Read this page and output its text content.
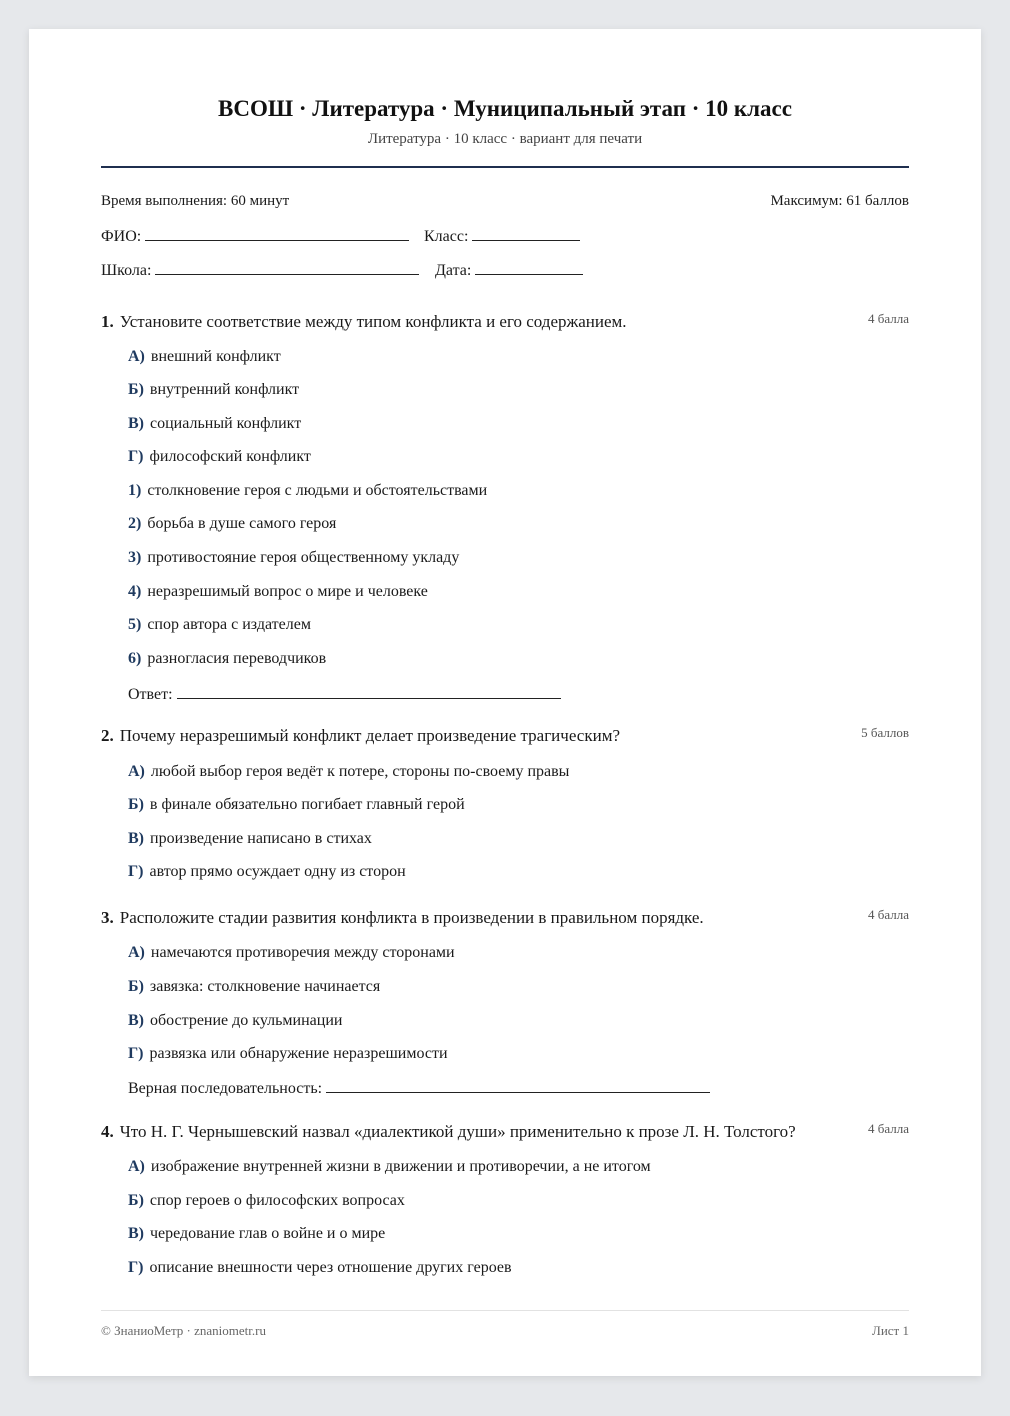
ВСОШ · Литература · Муниципальный этап · 10 класс
Литература · 10 класс · вариант для печати
Время выполнения: 60 минут	Максимум: 61 баллов
ФИО:	Класс:
Школа:	Дата:
1. Установите соответствие между типом конфликта и его содержанием.	4 балла
А) внешний конфликт
Б) внутренний конфликт
В) социальный конфликт
Г) философский конфликт
1) столкновение героя с людьми и обстоятельствами
2) борьба в душе самого героя
3) противостояние героя общественному укладу
4) неразрешимый вопрос о мире и человеке
5) спор автора с издателем
6) разногласия переводчиков
Ответ:
2. Почему неразрешимый конфликт делает произведение трагическим?	5 баллов
А) любой выбор героя ведёт к потере, стороны по-своему правы
Б) в финале обязательно погибает главный герой
В) произведение написано в стихах
Г) автор прямо осуждает одну из сторон
3. Расположите стадии развития конфликта в произведении в правильном порядке.	4 балла
А) намечаются противоречия между сторонами
Б) завязка: столкновение начинается
В) обострение до кульминации
Г) развязка или обнаружение неразрешимости
Верная последовательность:
4. Что Н. Г. Чернышевский назвал «диалектикой души» применительно к прозе Л. Н. Толстого?	4 балла
А) изображение внутренней жизни в движении и противоречии, а не итогом
Б) спор героев о философских вопросах
В) чередование глав о войне и о мире
Г) описание внешности через отношение других героев
© ЗнаниоМетр · znaniometr.ru	Лист 1
